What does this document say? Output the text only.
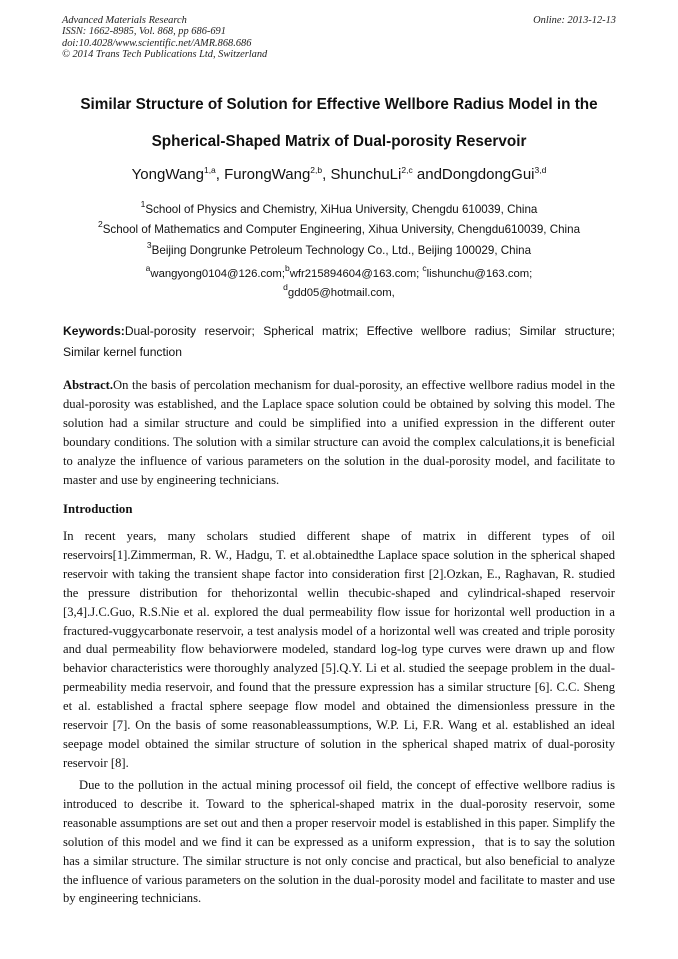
Advanced Materials Research
ISSN: 1662-8985, Vol. 868, pp 686-691
doi:10.4028/www.scientific.net/AMR.868.686
© 2014 Trans Tech Publications Ltd, Switzerland
Online: 2013-12-13
Similar Structure of Solution for Effective Wellbore Radius Model in the
Spherical-Shaped Matrix of Dual-porosity Reservoir
YongWang$^{1,a}$, FurongWang$^{2,b}$, ShunchuLi$^{2,c}$ andDongdongGui$^{3,d}$
$^1$School of Physics and Chemistry, XiHua University, Chengdu 610039, China
$^2$School of Mathematics and Computer Engineering, Xihua University, Chengdu610039, China
$^3$Beijing Dongrunke Petroleum Technology Co., Ltd., Beijing 100029, China
$^a$wangyong0104@126.com;$^b$wfr215894604@163.com; $^c$lishunchu@163.com;
$^d$gdd05@hotmail.com,
Keywords:Dual-porosity reservoir; Spherical matrix; Effective wellbore radius; Similar structure; Similar kernel function

Abstract.On the basis of percolation mechanism for dual-porosity, an effective wellbore radius model in the dual-porosity was established, and the Laplace space solution could be obtained by solving this model. The solution had a similar structure and could be simplified into a unified expression in the different outer boundary conditions. The solution with a similar structure can avoid the complex calculations,it is beneficial to analyze the influence of various parameters on the solution in the dual-porosity model, and facilitate to master and use by engineering technicians.

Introduction

In recent years, many scholars studied different shape of matrix in different types of oil reservoirs[1].Zimmerman, R. W., Hadgu, T. et al.obtainedthe Laplace space solution in the spherical shaped reservoir with taking the transient shape factor into consideration first [2].Ozkan, E., Raghavan, R. studied the pressure distribution for thehorizontal wellin thecubic-shaped and cylindrical-shaped reservoir [3,4].J.C.Guo, R.S.Nie et al. explored the dual permeability flow issue for horizontal well production in a fractured-vuggycarbonate reservoir, a test analysis model of a horizontal well was created and triple porosity and dual permeability flow behaviorwere modeled, standard log-log type curves were drawn up and flow behavior characteristics were thoroughly analyzed [5].Q.Y. Li et al. studied the seepage problem in the dual-permeability media reservoir, and found that the pressure expression has a similar structure [6]. C.C. Sheng et al. established a fractal sphere seepage flow model and obtained the dimensionless pressure in the reservoir [7]. On the basis of some reasonableassumptions, W.P. Li, F.R. Wang et al. established an ideal seepage model obtained the similar structure of solution in the spherical shaped matrix of dual-porosity reservoir [8].

Due to the pollution in the actual mining processof oil field, the concept of effective wellbore radius is introduced to describe it. Toward to the spherical-shaped matrix in the dual-porosity reservoir, some reasonable assumptions are set out and then a proper reservoir model is established in this paper. Simplify the solution of this model and we find it can be expressed as a uniform expression，that is to say the solution has a similar structure. The similar structure is not only concise and practical, but also beneficial to analyze the influence of various parameters on the solution in the dual-porosity model and facilitate to master and use by engineering technicians.
